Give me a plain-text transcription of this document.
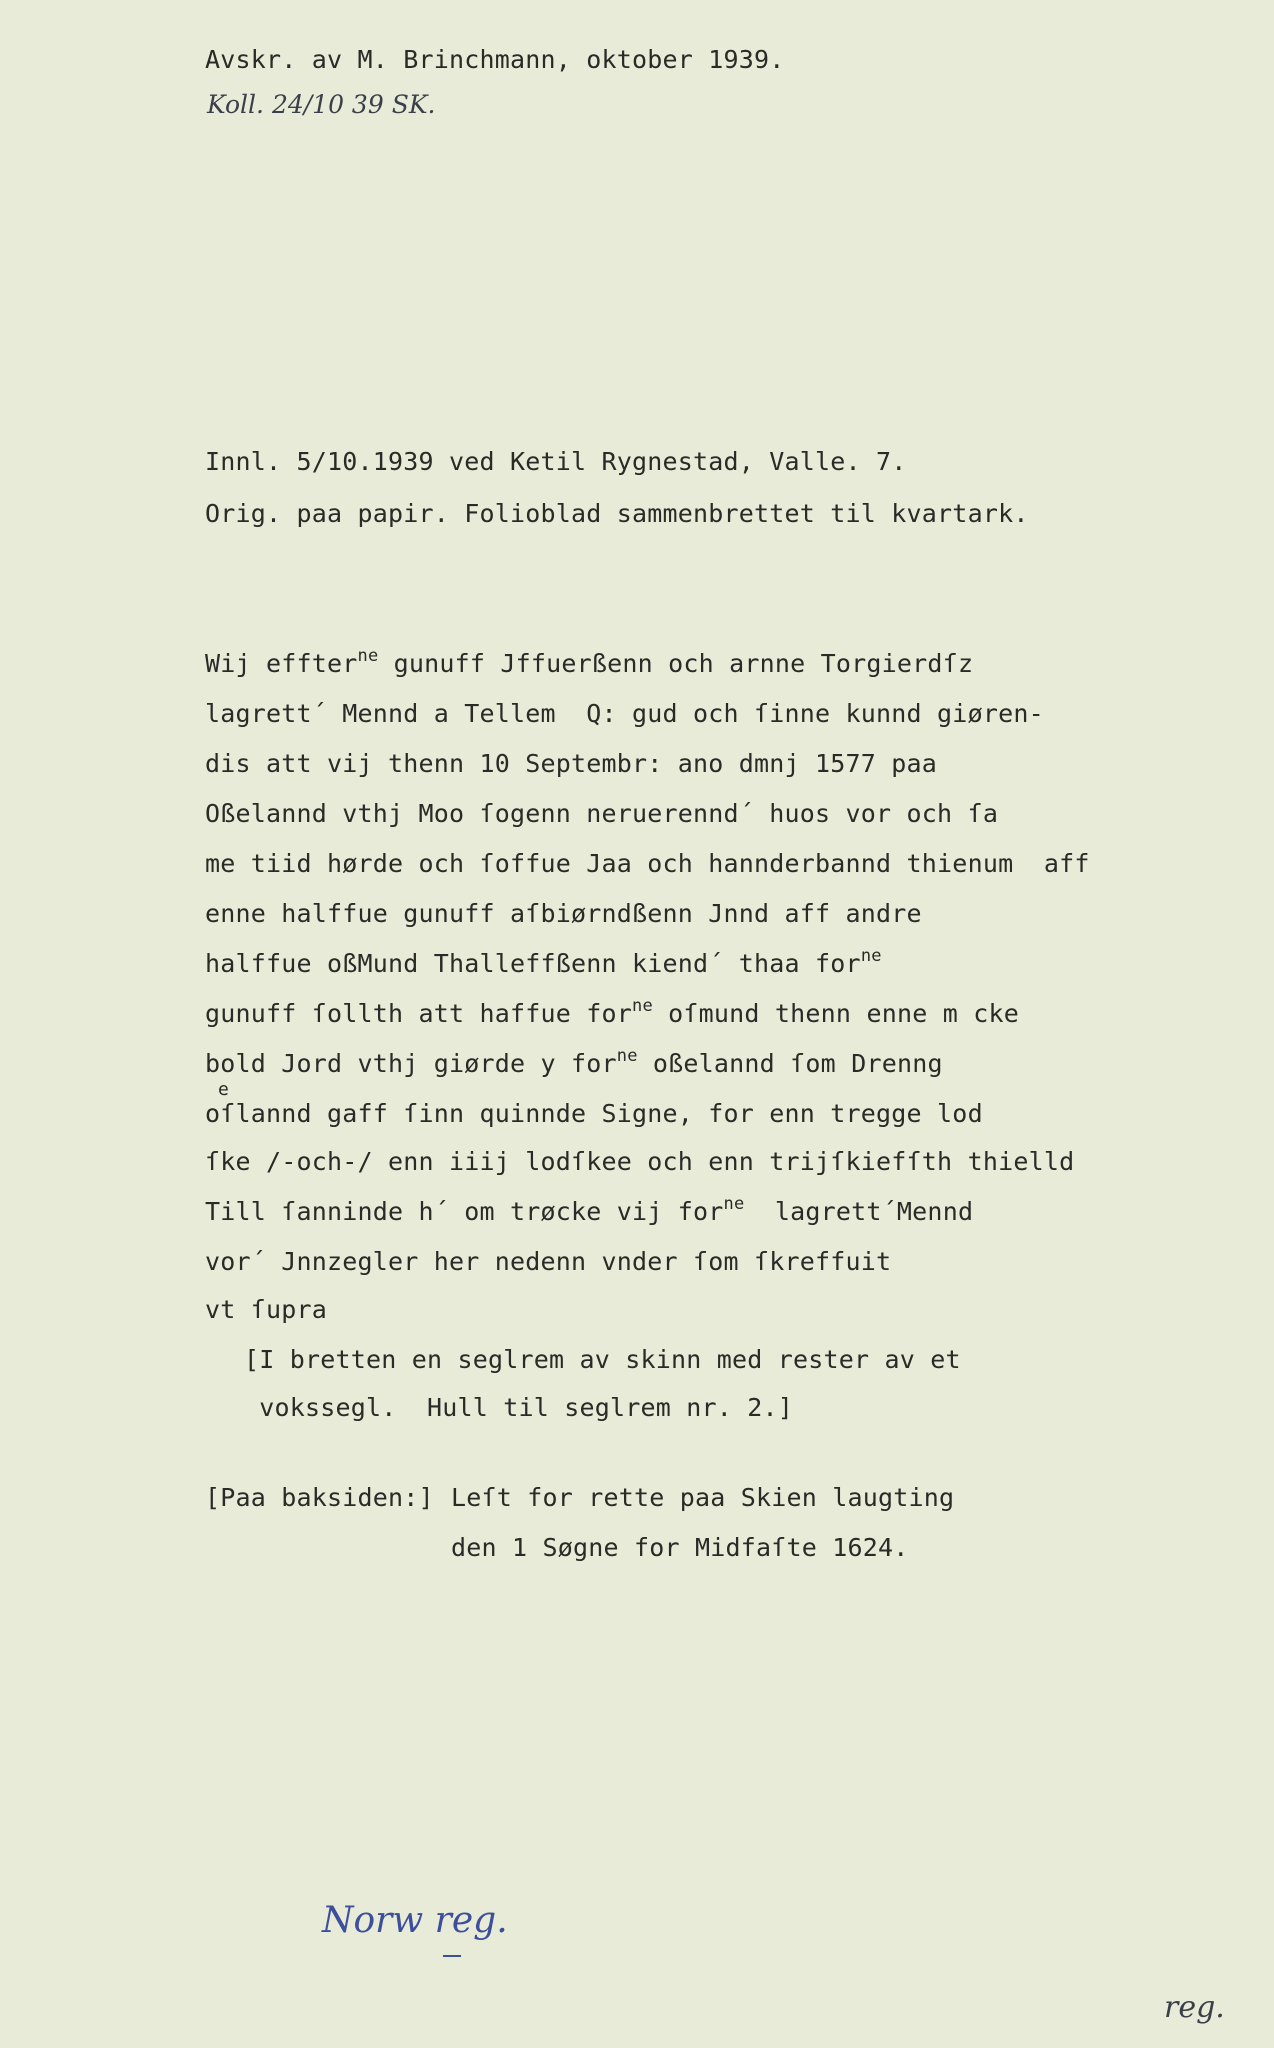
Avskr. av M. Brinchmann, oktober 1939.
Koll. 24/10 39 SK.
Innl. 5/10.1939 ved Ketil Rygnestad, Valle. 7.
Orig. paa papir. Folioblad sammenbrettet til kvartark.
Wij effter$^{ne}$ gunuff Jffuerßenn och arnne Torgierdſz
lagrett´ Mennd a Tellem  Q: gud och ſinne kunnd giøren-
dis att vij thenn 10 Septembr: ano dmnj 1577 paa
Oßelannd vthj Moo ſogenn neruerennd´ huos vor och ſa
me tiid hørde och ſoffue Jaa och hannderbannd thienum  aff
enne halffue gunuff aſbiørndßenn Jnnd aff andre
halffue oßMund Thalleffßenn kiend´ thaa for$^{ne}$
gunuff ſollth att haffue for$^{ne}$ oſmund thenn enne m cke
bold Jord vthj giørde y for$^{ne}$ oßelannd ſom Drenng
e
oſlannd gaff ſinn quinnde Signe, for enn tregge lod
ſke /-och-/ enn iiij lodſkee och enn trijſkiefſth thielld
Till ſanninde h´ om trøcke vij for$^{ne}$  lagrett´Mennd
vor´ Jnnzegler her nedenn vnder ſom ſkreffuit
vt ſupra
[I bretten en seglrem av skinn med rester av et
vokssegl.  Hull til seglrem nr. 2.]
[Paa baksiden:] Leſt for rette paa Skien laugting
den 1 Søgne for Midfaſte 1624.
Norw reg.
reg.
